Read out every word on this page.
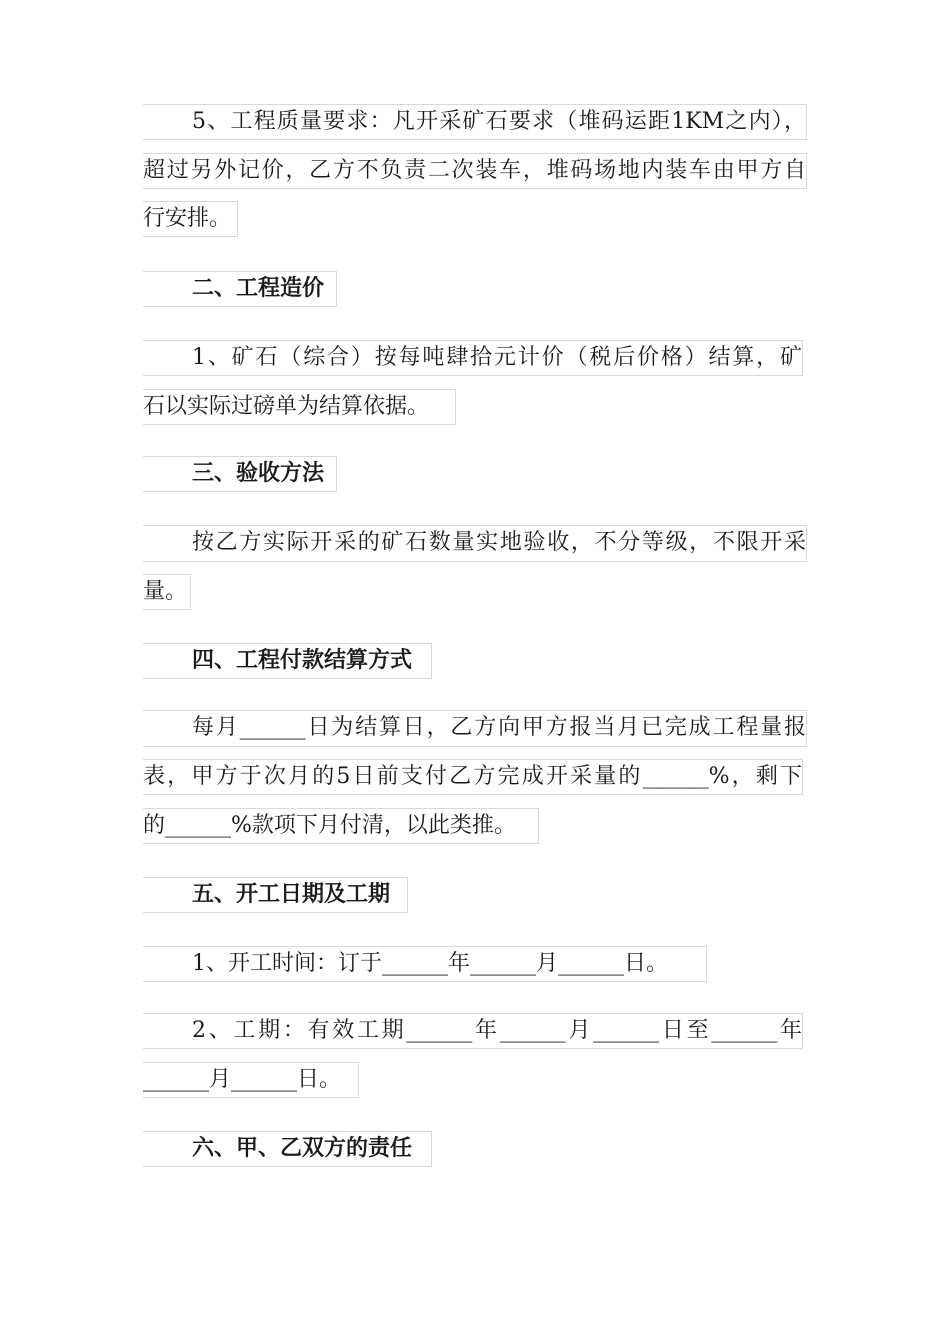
5、工程质量要求：凡开采矿石要求（堆码运距1KM之内），
超过另外记价，乙方不负责二次装车，堆码场地内装车由甲方自
行安排。
二、工程造价
1、矿石（综合）按每吨肆拾元计价（税后价格）结算，矿
石以实际过磅单为结算依据。
三、验收方法
按乙方实际开采的矿石数量实地验收，不分等级，不限开采
量。
四、工程付款结算方式
每月______日为结算日，乙方向甲方报当月已完成工程量报
表，甲方于次月的5日前支付乙方完成开采量的______%，剩下
的______%款项下月付清，以此类推。
五、开工日期及工期
1、开工时间：订于______年______月______日。
2、工期：有效工期______年______月______日至______年
______月______日。
六、甲、乙双方的责任
